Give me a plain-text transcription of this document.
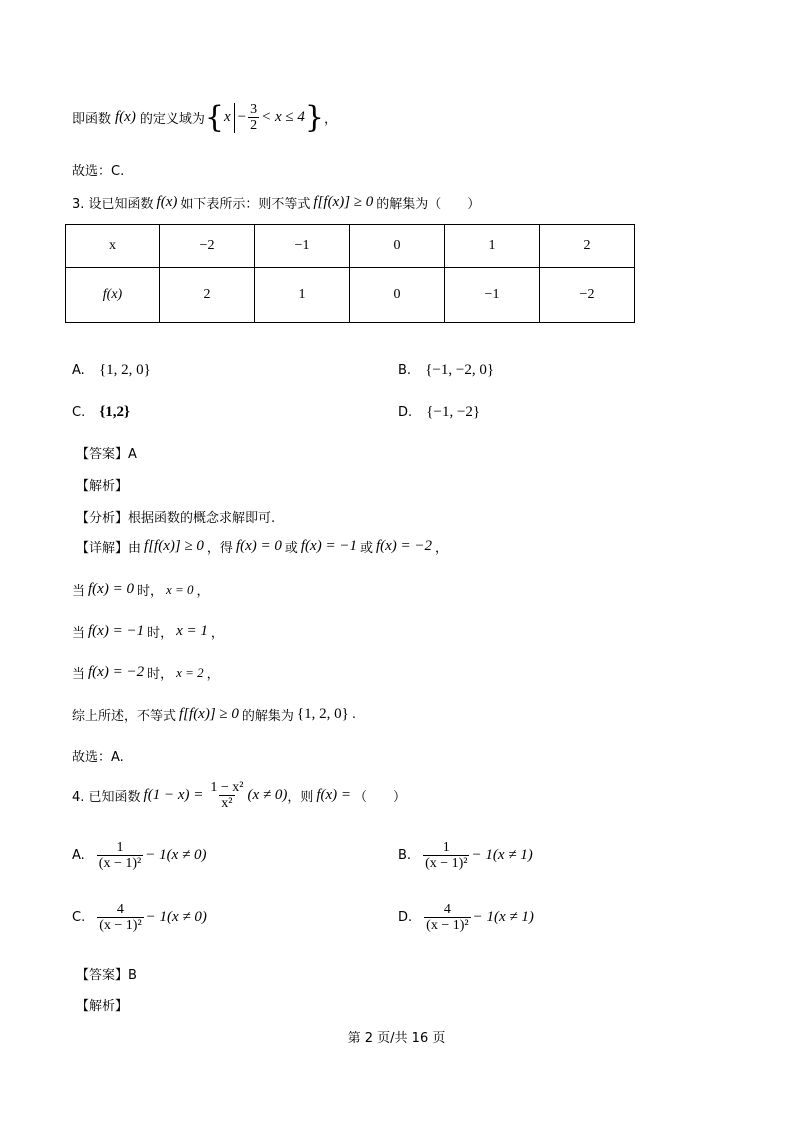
即函数 f(x) 的定义域为 { $x - \frac{3}{2} < x \le 4$ } ，
故选：C.
3. 设已知函数 f(x) 如下表所示：则不等式 f[f(x)] ≥ 0 的解集为（　　）
x	−2	−1	0	1	2
f(x)	2	1	0	−1	−2
A. {1, 2, 0}	B. {−1, −2, 0}
C. {1,2}	D. {−1, −2}
【答案】A
【解析】
【分析】根据函数的概念求解即可.
【详解】 由 f[f(x)] ≥ 0 ，得 f(x) = 0 或 f(x) = −1 或 f(x) = −2 ，
当 f(x) = 0 时， x = 0 ，
当 f(x) = −1 时， x = 1 ，
当 f(x) = −2 时， x = 2 ，
综上所述，不等式 f[f(x)] ≥ 0 的解集为 {1, 2, 0} .
故选：A.
4. 已知函数 $f(1 - x) = \frac{\text{1 − x²}}{\text{x²}} (x \ne 0)$ ，则 f(x) = （　　）
A. $\frac{1}{\text{(x − 1)²}} - 1(x \ne 0)$	B. $\frac{1}{\text{(x − 1)²}} - 1(x \ne 1)$
C. $\frac{4}{\text{(x − 1)²}} - 1(x \ne 0)$	D. $\frac{4}{\text{(x − 1)²}} - 1(x \ne 1)$
【答案】B
【解析】
第 2 页/共 16 页
